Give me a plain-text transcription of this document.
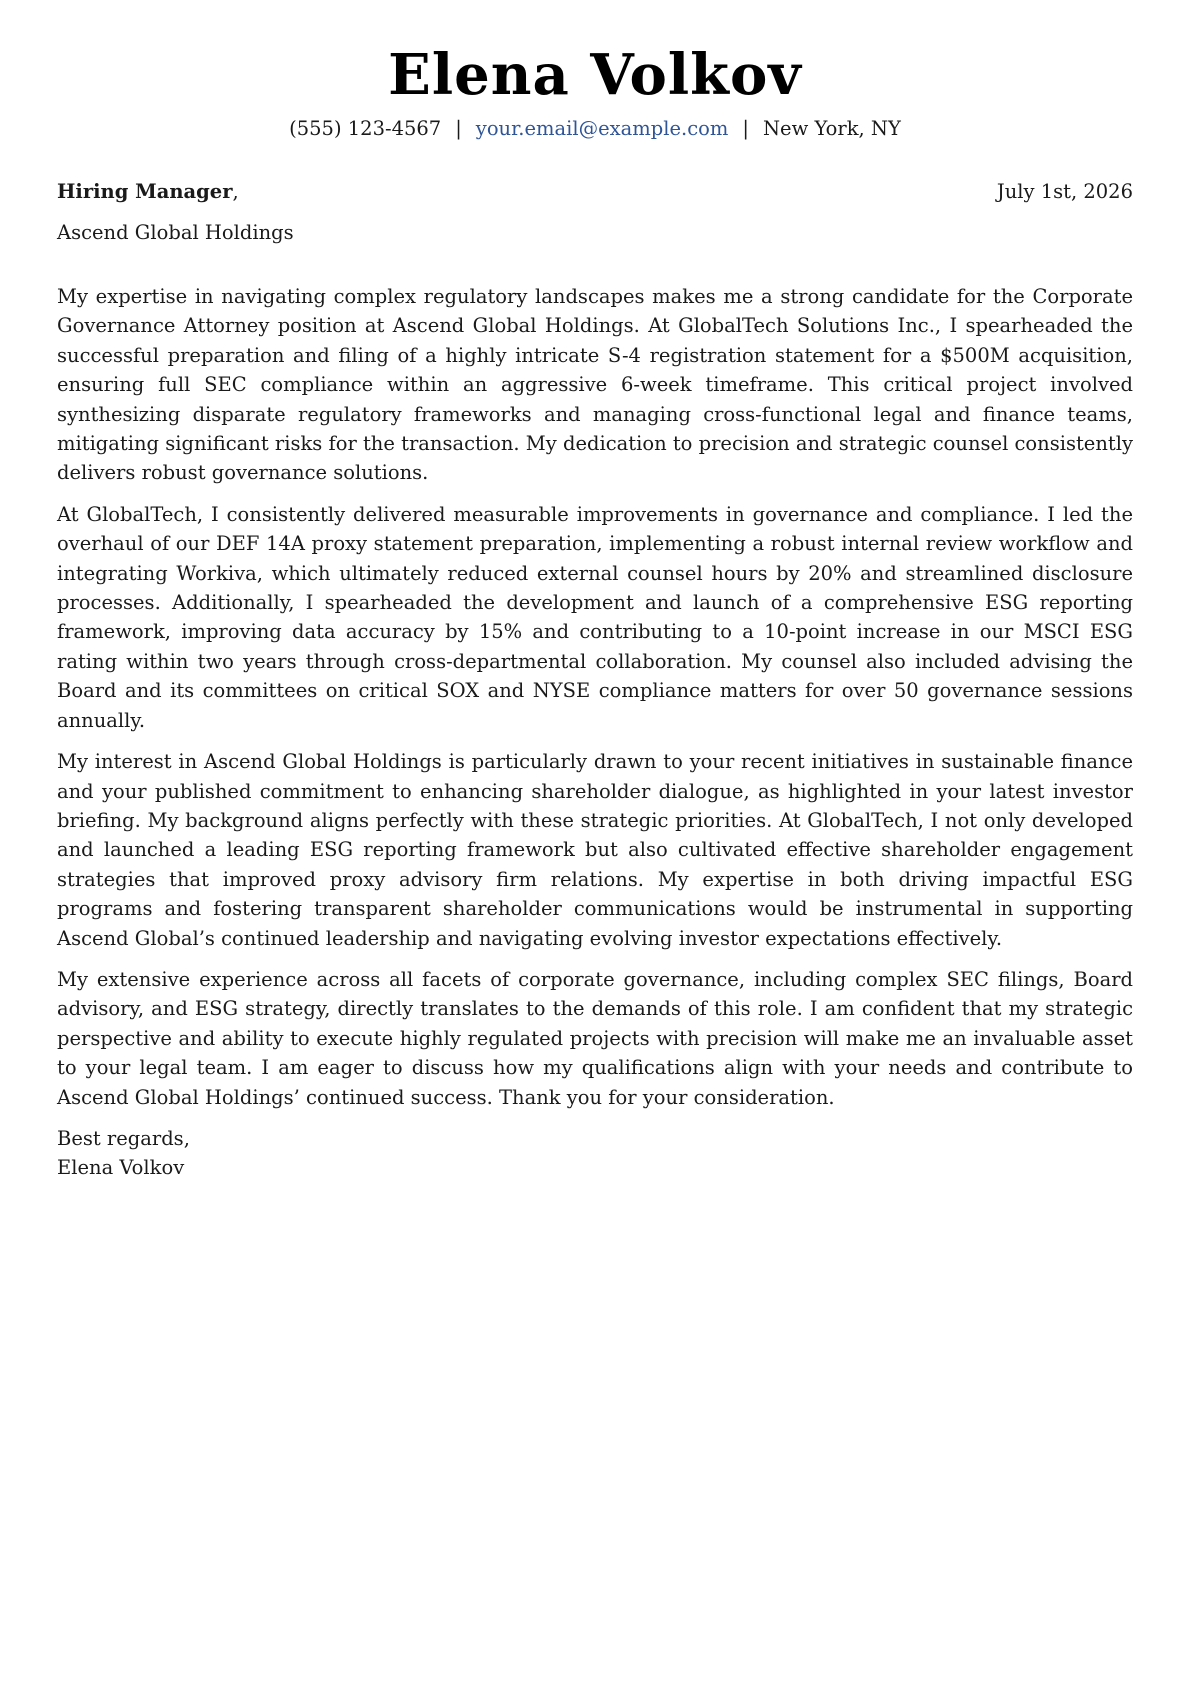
Elena Volkov
(555) 123-4567 | your.email@example.com | New York, NY
Hiring Manager,	July 1st, 2026
Ascend Global Holdings

My expertise in navigating complex regulatory landscapes makes me a strong candidate for the Corporate Governance Attorney position at Ascend Global Holdings. At GlobalTech Solutions Inc., I spearheaded the successful preparation and filing of a highly intricate S-4 registration statement for a $500M acquisition, ensuring full SEC compliance within an aggressive 6-week timeframe. This critical project involved synthesizing disparate regulatory frameworks and managing cross-functional legal and finance teams, mitigating significant risks for the transaction. My dedication to precision and strategic counsel consistently delivers robust governance solutions.

At GlobalTech, I consistently delivered measurable improvements in governance and compliance. I led the overhaul of our DEF 14A proxy statement preparation, implementing a robust internal review workflow and integrating Workiva, which ultimately reduced external counsel hours by 20% and streamlined disclosure processes. Additionally, I spearheaded the development and launch of a comprehensive ESG reporting framework, improving data accuracy by 15% and contributing to a 10-point increase in our MSCI ESG rating within two years through cross-departmental collaboration. My counsel also included advising the Board and its committees on critical SOX and NYSE compliance matters for over 50 governance sessions annually.

My interest in Ascend Global Holdings is particularly drawn to your recent initiatives in sustainable finance and your published commitment to enhancing shareholder dialogue, as highlighted in your latest investor briefing. My background aligns perfectly with these strategic priorities. At GlobalTech, I not only developed and launched a leading ESG reporting framework but also cultivated effective shareholder engagement strategies that improved proxy advisory firm relations. My expertise in both driving impactful ESG programs and fostering transparent shareholder communications would be instrumental in supporting Ascend Global’s continued leadership and navigating evolving investor expectations effectively.

My extensive experience across all facets of corporate governance, including complex SEC filings, Board advisory, and ESG strategy, directly translates to the demands of this role. I am confident that my strategic perspective and ability to execute highly regulated projects with precision will make me an invaluable asset to your legal team. I am eager to discuss how my qualifications align with your needs and contribute to Ascend Global Holdings’ continued success. Thank you for your consideration.

Best regards,
Elena Volkov
